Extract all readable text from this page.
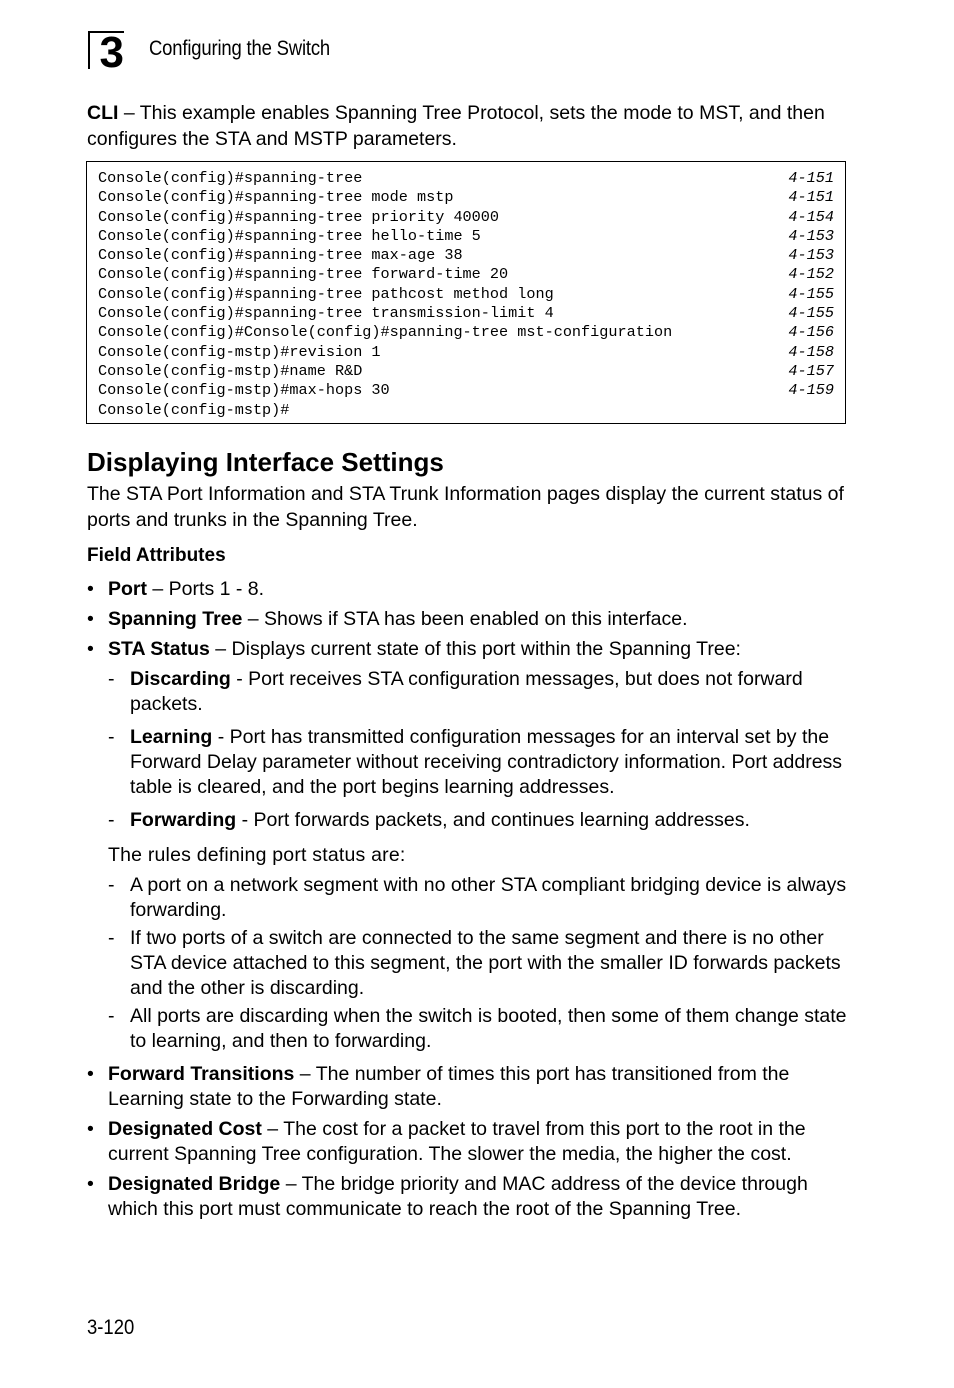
3 Configuring the Switch
CLI – This example enables Spanning Tree Protocol, sets the mode to MST, and then configures the STA and MSTP parameters.
Console(config)#spanning-tree	4-151
Console(config)#spanning-tree mode mstp	4-151
Console(config)#spanning-tree priority 40000	4-154
Console(config)#spanning-tree hello-time 5	4-153
Console(config)#spanning-tree max-age 38	4-153
Console(config)#spanning-tree forward-time 20	4-152
Console(config)#spanning-tree pathcost method long	4-155
Console(config)#spanning-tree transmission-limit 4	4-155
Console(config)#Console(config)#spanning-tree mst-configuration	4-156
Console(config-mstp)#revision 1	4-158
Console(config-mstp)#name R&D	4-157
Console(config-mstp)#max-hops 30	4-159
Console(config-mstp)#
Displaying Interface Settings
The STA Port Information and STA Trunk Information pages display the current status of ports and trunks in the Spanning Tree.
Field Attributes
• Port – Ports 1 - 8.
• Spanning Tree – Shows if STA has been enabled on this interface.
• STA Status – Displays current state of this port within the Spanning Tree:
- Discarding - Port receives STA configuration messages, but does not forward packets.
- Learning - Port has transmitted configuration messages for an interval set by the Forward Delay parameter without receiving contradictory information. Port address table is cleared, and the port begins learning addresses.
- Forwarding - Port forwards packets, and continues learning addresses.
The rules defining port status are:
- A port on a network segment with no other STA compliant bridging device is always forwarding.
- If two ports of a switch are connected to the same segment and there is no other STA device attached to this segment, the port with the smaller ID forwards packets and the other is discarding.
- All ports are discarding when the switch is booted, then some of them change state to learning, and then to forwarding.
• Forward Transitions – The number of times this port has transitioned from the Learning state to the Forwarding state.
• Designated Cost – The cost for a packet to travel from this port to the root in the current Spanning Tree configuration. The slower the media, the higher the cost.
• Designated Bridge – The bridge priority and MAC address of the device through which this port must communicate to reach the root of the Spanning Tree.
3-120
